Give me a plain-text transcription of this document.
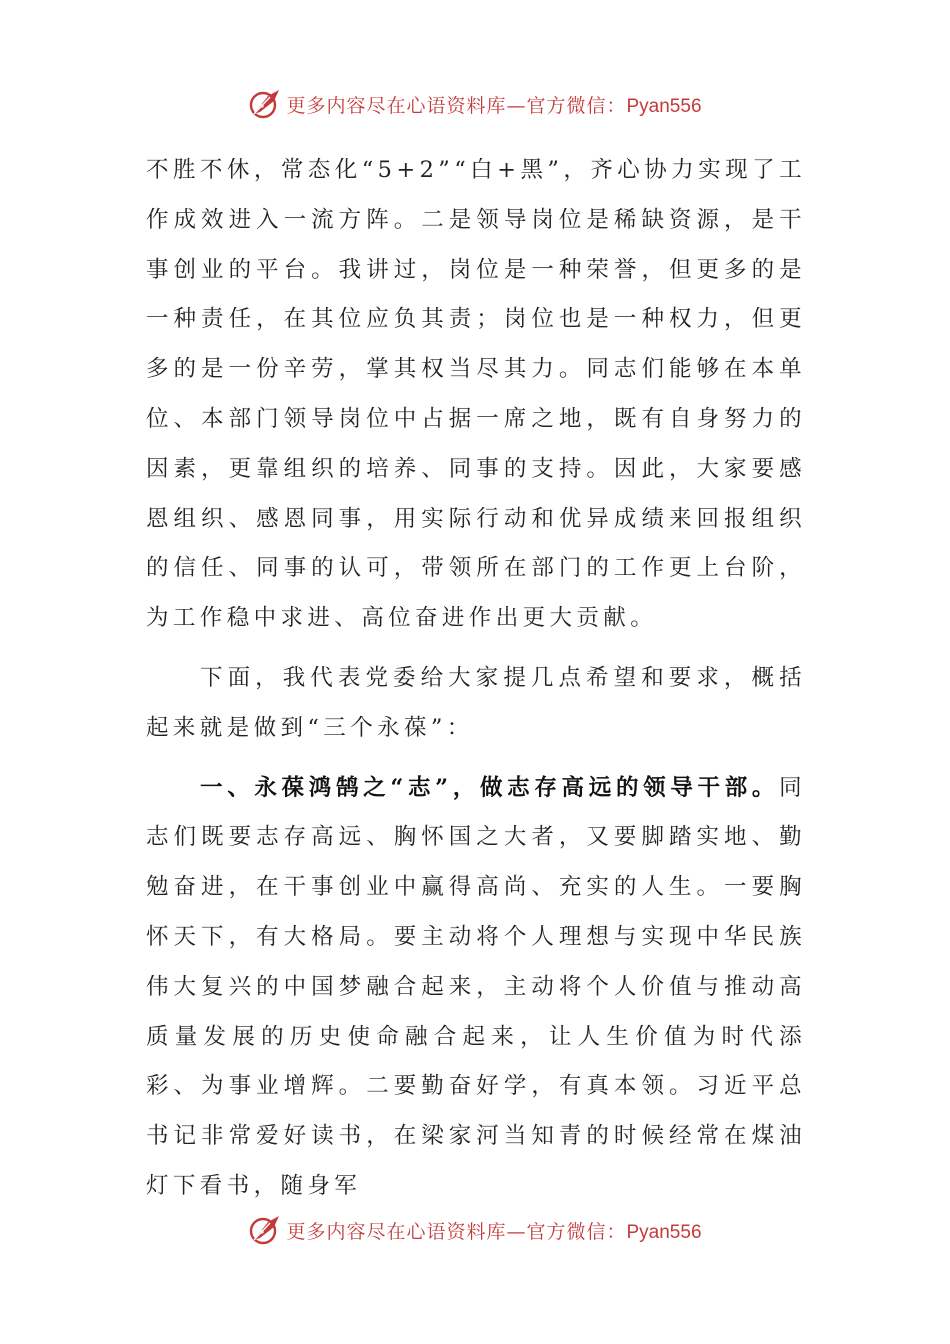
更多内容尽在心语资料库—官方微信：Pyan556

不胜不休，常态化“5+2”“白+黑”，齐心协力实现了工作成效进入一流方阵。二是领导岗位是稀缺资源，是干事创业的平台。我讲过，岗位是一种荣誉，但更多的是一种责任，在其位应负其责；岗位也是一种权力，但更多的是一份辛劳，掌其权当尽其力。同志们能够在本单位、本部门领导岗位中占据一席之地，既有自身努力的因素，更靠组织的培养、同事的支持。因此，大家要感恩组织、感恩同事，用实际行动和优异成绩来回报组织的信任、同事的认可，带领所在部门的工作更上台阶，为工作稳中求进、高位奋进作出更大贡献。

下面，我代表党委给大家提几点希望和要求，概括起来就是做到“三个永葆”：

一、永葆鸿鹄之“志”，做志存高远的领导干部。同志们既要志存高远、胸怀国之大者，又要脚踏实地、勤勉奋进，在干事创业中赢得高尚、充实的人生。一要胸怀天下，有大格局。要主动将个人理想与实现中华民族伟大复兴的中国梦融合起来，主动将个人价值与推动高质量发展的历史使命融合起来，让人生价值为时代添彩、为事业增辉。二要勤奋好学，有真本领。习近平总书记非常爱好读书，在梁家河当知青的时候经常在煤油灯下看书，随身军

更多内容尽在心语资料库—官方微信：Pyan556
